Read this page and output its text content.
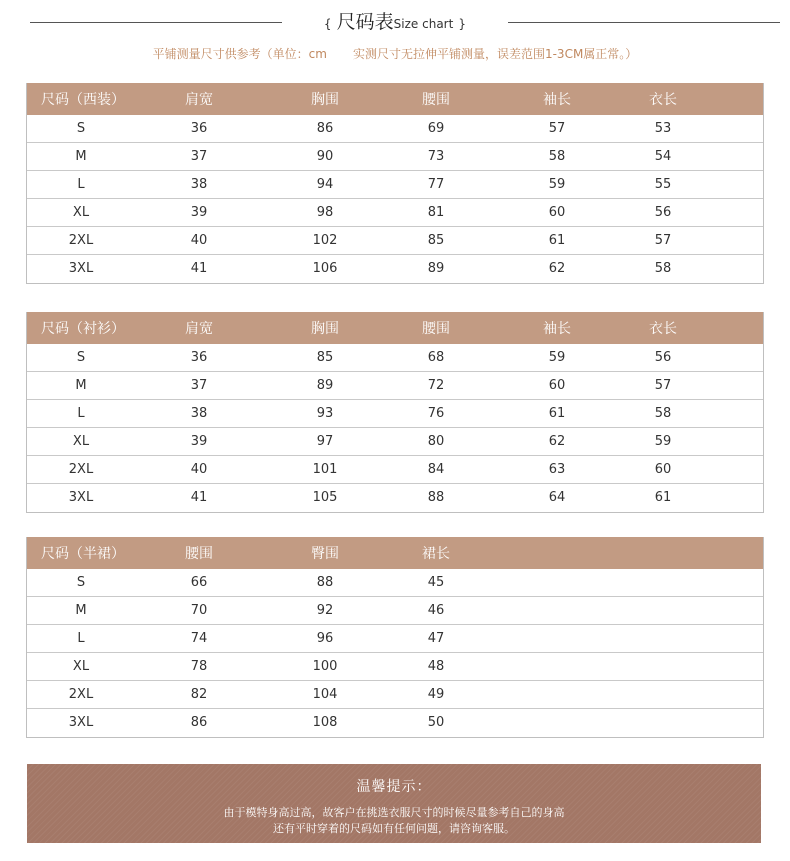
{ 尺码表Size chart }
平铺测量尺寸供参考（单位：cm 实测尺寸无拉伸平铺测量，误差范围1-3CM属正常。）
尺码（西装）	肩宽	胸围	腰围	袖长	衣长	
S	36	86	69	57	53	
M	37	90	73	58	54	
L	38	94	77	59	55	
XL	39	98	81	60	56	
2XL	40	102	85	61	57	
3XL	41	106	89	62	58	
尺码（衬衫）	肩宽	胸围	腰围	袖长	衣长	
S	36	85	68	59	56	
M	37	89	72	60	57	
L	38	93	76	61	58	
XL	39	97	80	62	59	
2XL	40	101	84	63	60	
3XL	41	105	88	64	61	
尺码（半裙）	腰围	臀围	裙长			
S	66	88	45			
M	70	92	46			
L	74	96	47			
XL	78	100	48			
2XL	82	104	49			
3XL	86	108	50			
温馨提示：
由于模特身高过高，故客户在挑选衣服尺寸的时候尽量参考自己的身高
还有平时穿着的尺码如有任何问题，请咨询客服。
